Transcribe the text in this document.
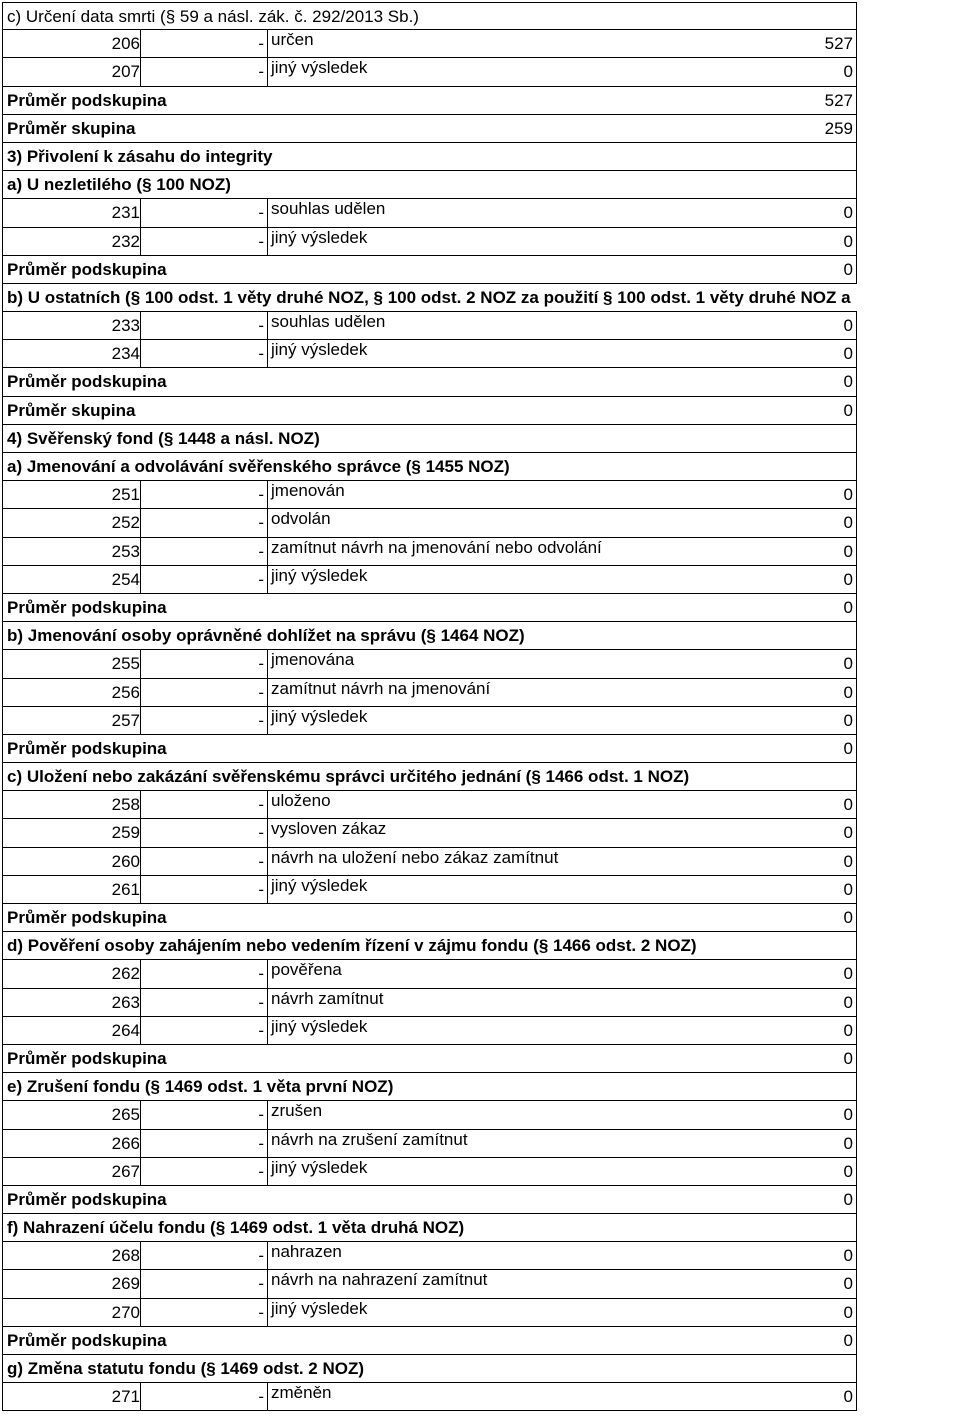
c) Určení data smrti (§ 59 a násl. zák. č. 292/2013 Sb.)
206	- určen	527
207	- jiný výsledek	0
Průměr podskupina	527
Průměr skupina	259
3) Přivolení k zásahu do integrity
a) U nezletilého (§ 100 NOZ)
231	- souhlas udělen	0
232	- jiný výsledek	0
Průměr podskupina	0
b) U ostatních (§ 100 odst. 1 věty druhé NOZ, § 100 odst. 2 NOZ za použití § 100 odst. 1 věty druhé NOZ a
233	- souhlas udělen	0
234	- jiný výsledek	0
Průměr podskupina	0
Průměr skupina	0
4) Svěřenský fond (§ 1448 a násl. NOZ)
a) Jmenování a odvolávání svěřenského správce (§ 1455 NOZ)
251	- jmenován	0
252	- odvolán	0
253	- zamítnut návrh na jmenování nebo odvolání	0
254	- jiný výsledek	0
Průměr podskupina	0
b) Jmenování osoby oprávněné dohlížet na správu (§ 1464 NOZ)
255	- jmenována	0
256	- zamítnut návrh na jmenování	0
257	- jiný výsledek	0
Průměr podskupina	0
c) Uložení nebo zakázání svěřenskému správci určitého jednání (§ 1466 odst. 1 NOZ)
258	- uloženo	0
259	- vysloven zákaz	0
260	- návrh na uložení nebo zákaz zamítnut	0
261	- jiný výsledek	0
Průměr podskupina	0
d) Pověření osoby zahájením nebo vedením řízení v zájmu fondu (§ 1466 odst. 2 NOZ)
262	- pověřena	0
263	- návrh zamítnut	0
264	- jiný výsledek	0
Průměr podskupina	0
e) Zrušení fondu (§ 1469 odst. 1 věta první NOZ)
265	- zrušen	0
266	- návrh na zrušení zamítnut	0
267	- jiný výsledek	0
Průměr podskupina	0
f) Nahrazení účelu fondu (§ 1469 odst. 1 věta druhá NOZ)
268	- nahrazen	0
269	- návrh na nahrazení zamítnut	0
270	- jiný výsledek	0
Průměr podskupina	0
g) Změna statutu fondu (§ 1469 odst. 2 NOZ)
271	- změněn	0
